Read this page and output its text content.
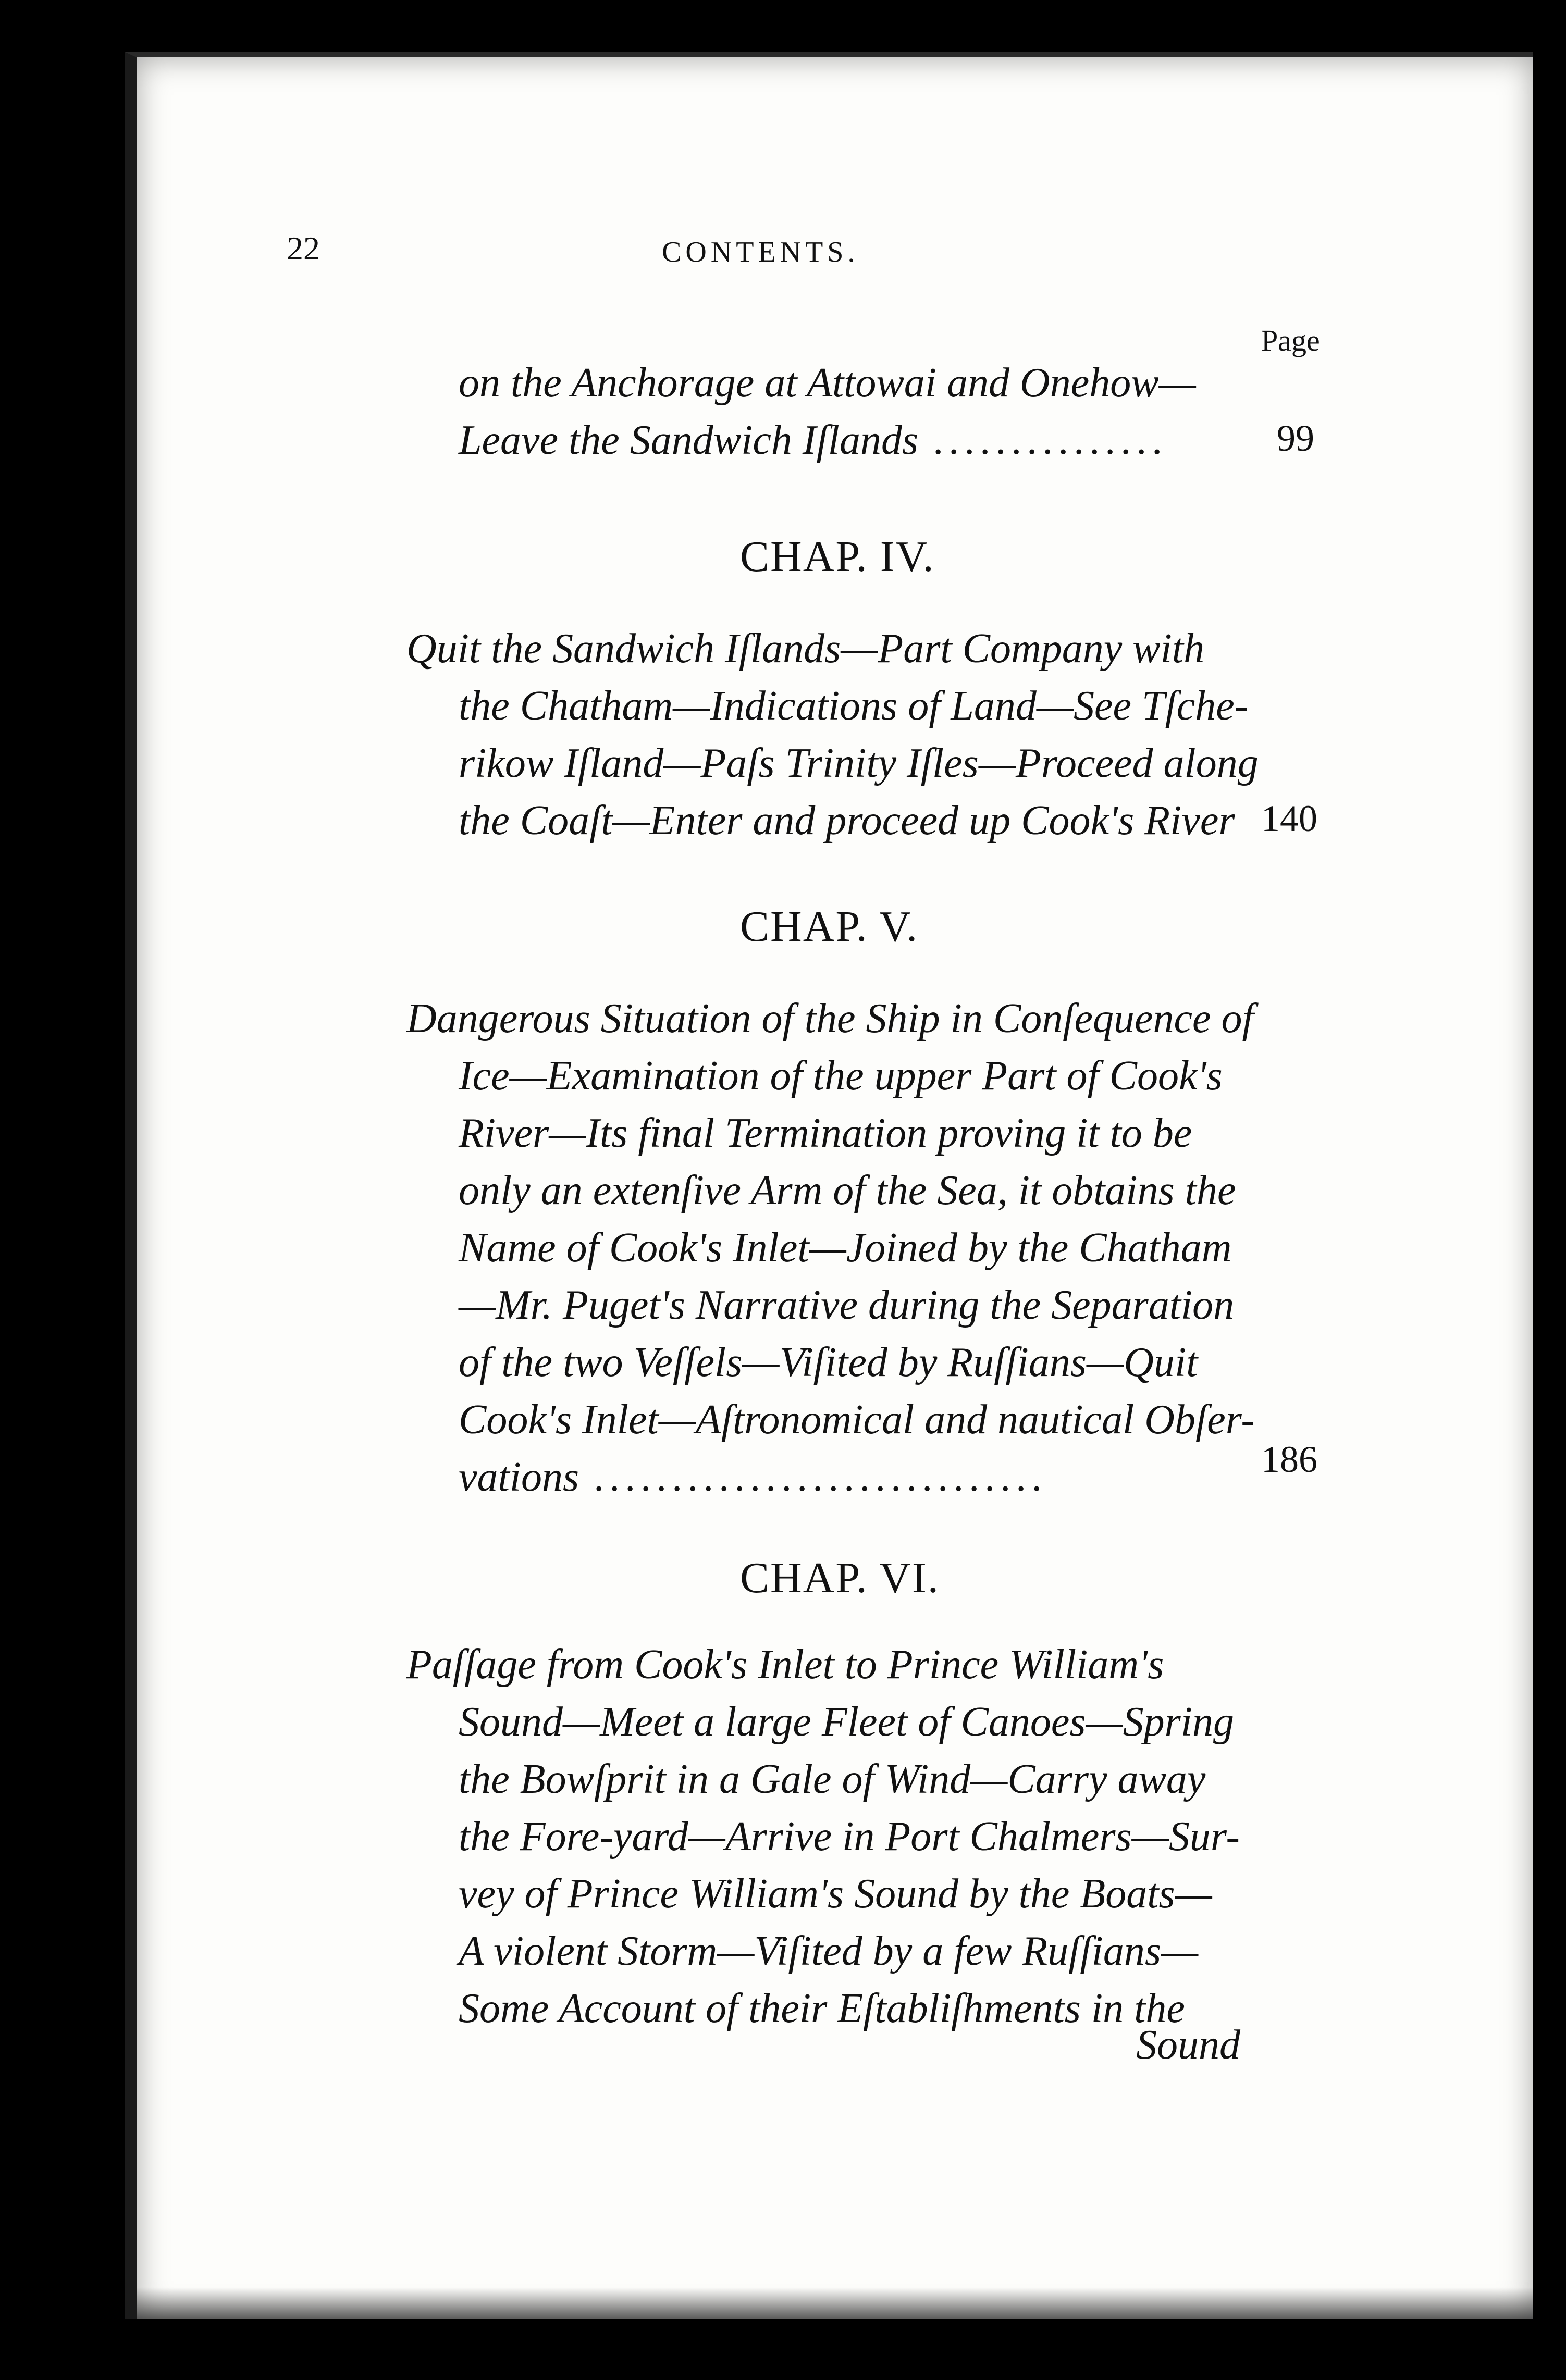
22	CONTENTS.
Page
on the Anchorage at Attowai and Onehow—
Leave the Sandwich Iſlands ...............	99
CHAP. IV.
Quit the Sandwich Iſlands—Part Company with
the Chatham—Indications of Land—See Tſche-
rikow Iſland—Paſs Trinity Iſles—Proceed along
the Coaſt—Enter and proceed up Cook's River 140
CHAP. V.
Dangerous Situation of the Ship in Conſequence of
Ice—Examination of the upper Part of Cook's
River—Its final Termination proving it to be
only an extenſive Arm of the Sea, it obtains the
Name of Cook's Inlet—Joined by the Chatham
—Mr. Puget's Narrative during the Separation
of the two Veſſels—Viſited by Ruſſians—Quit
Cook's Inlet—Aſtronomical and nautical Obſer-
vations .............................	186
CHAP. VI.
Paſſage from Cook's Inlet to Prince William's
Sound—Meet a large Fleet of Canoes—Spring
the Bowſprit in a Gale of Wind—Carry away
the Fore-yard—Arrive in Port Chalmers—Sur-
vey of Prince William's Sound by the Boats—
A violent Storm—Viſited by a few Ruſſians—
Some Account of their Eſtabliſhments in the
Sound
